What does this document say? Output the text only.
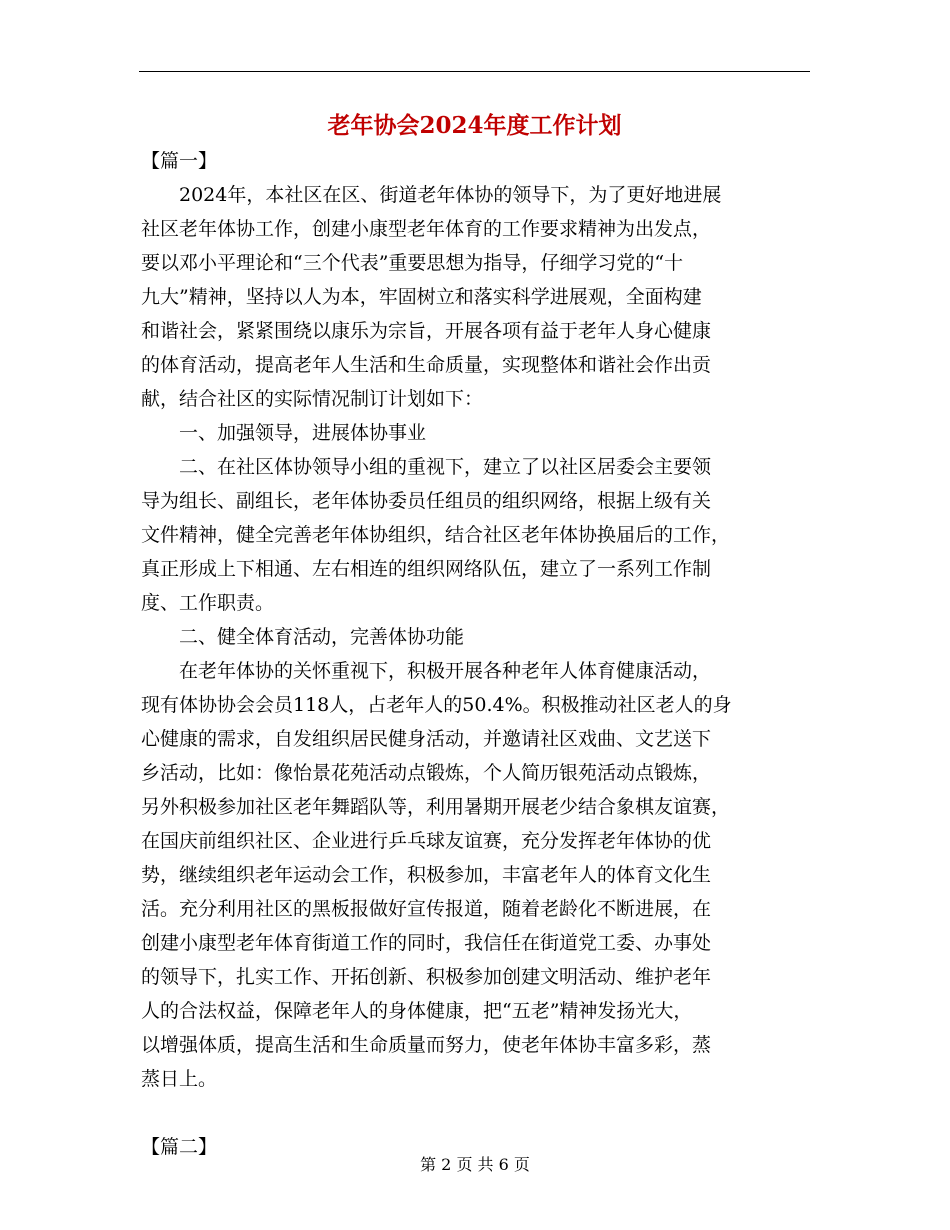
老年协会2024年度工作计划

【篇一】

　　2024年，本社区在区、街道老年体协的领导下，为了更好地进展

社区老年体协工作，创建小康型老年体育的工作要求精神为出发点，

要以邓小平理论和“三个代表”重要思想为指导，仔细学习党的“十

九大”精神，坚持以人为本，牢固树立和落实科学进展观，全面构建

和谐社会，紧紧围绕以康乐为宗旨，开展各项有益于老年人身心健康

的体育活动，提高老年人生活和生命质量，实现整体和谐社会作出贡

献，结合社区的实际情况制订计划如下：

　　一、加强领导，进展体协事业

　　二、在社区体协领导小组的重视下，建立了以社区居委会主要领

导为组长、副组长，老年体协委员任组员的组织网络，根据上级有关

文件精神，健全完善老年体协组织，结合社区老年体协换届后的工作，

真正形成上下相通、左右相连的组织网络队伍，建立了一系列工作制

度、工作职责。

　　二、健全体育活动，完善体协功能

　　在老年体协的关怀重视下，积极开展各种老年人体育健康活动，

现有体协协会会员118人，占老年人的50.4%。积极推动社区老人的身

心健康的需求，自发组织居民健身活动，并邀请社区戏曲、文艺送下

乡活动，比如：像怡景花苑活动点锻炼，个人简历银苑活动点锻炼，

另外积极参加社区老年舞蹈队等，利用暑期开展老少结合象棋友谊赛，

在国庆前组织社区、企业进行乒乓球友谊赛，充分发挥老年体协的优

势，继续组织老年运动会工作，积极参加，丰富老年人的体育文化生

活。充分利用社区的黑板报做好宣传报道，随着老龄化不断进展，在

创建小康型老年体育街道工作的同时，我信任在街道党工委、办事处

的领导下，扎实工作、开拓创新、积极参加创建文明活动、维护老年

人的合法权益，保障老年人的身体健康，把“五老”精神发扬光大，

以增强体质，提高生活和生命质量而努力，使老年体协丰富多彩，蒸

蒸日上。

【篇二】

第 2 页 共 6 页
